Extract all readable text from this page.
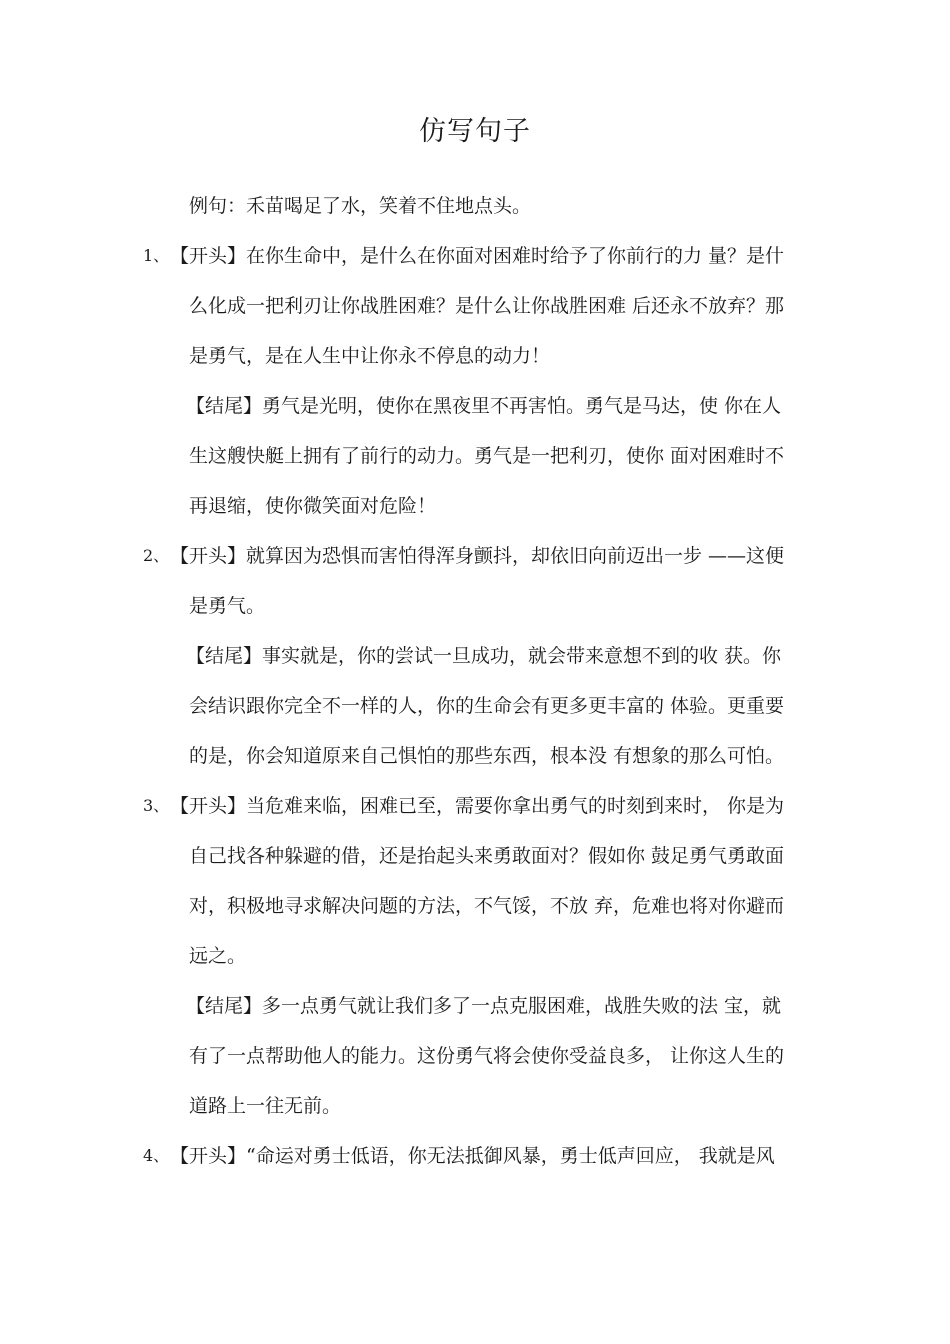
仿写句子
例句：禾苗喝足了水，笑着不住地点头。
1、 【开头】在你生命中，是什么在你面对困难时给予了你前行的力 量？是什
么化成一把利刃让你战胜困难？是什么让你战胜困难 后还永不放弃？那
是勇气，是在人生中让你永不停息的动力！
【结尾】勇气是光明，使你在黑夜里不再害怕。勇气是马达，使 你在人
生这艘快艇上拥有了前行的动力。勇气是一把利刃，使你 面对困难时不
再退缩，使你微笑面对危险！
2、 【开头】就算因为恐惧而害怕得浑身颤抖，却依旧向前迈出一步 ——这便
是勇气。
【结尾】事实就是，你的尝试一旦成功，就会带来意想不到的收 获。你
会结识跟你完全不一样的人，你的生命会有更多更丰富的 体验。更重要
的是，你会知道原来自己惧怕的那些东西，根本没 有想象的那么可怕。
3、 【开头】当危难来临，困难已至，需要你拿出勇气的时刻到来时， 你是为
自己找各种躲避的借，还是抬起头来勇敢面对？假如你 鼓足勇气勇敢面
对，积极地寻求解决问题的方法，不气馁，不放 弃，危难也将对你避而
远之。
【结尾】多一点勇气就让我们多了一点克服困难，战胜失败的法 宝，就
有了一点帮助他人的能力。这份勇气将会使你受益良多， 让你这人生的
道路上一往无前。
4、 【开头】“命运对勇士低语，你无法抵御风暴，勇士低声回应， 我就是风
